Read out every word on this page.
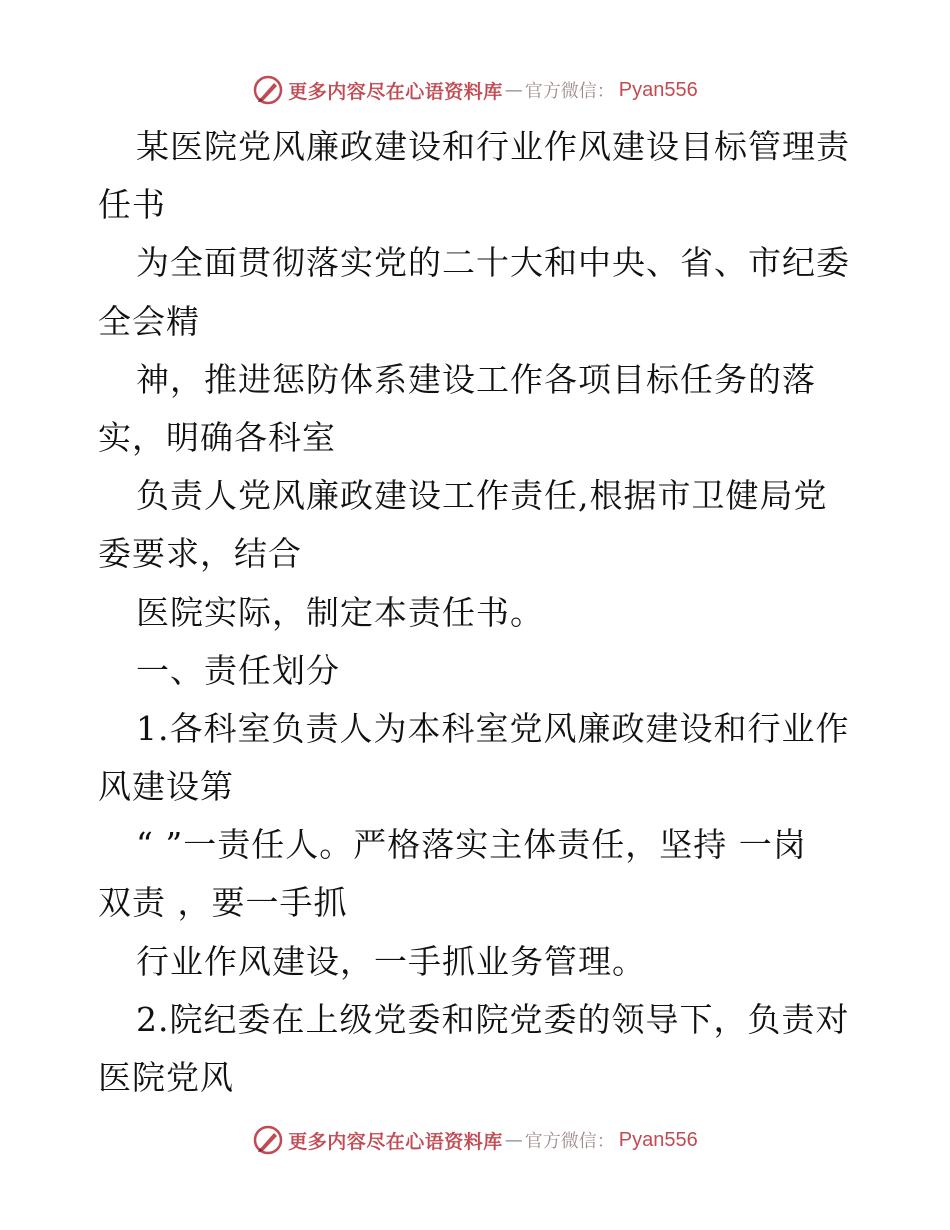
更多内容尽在心语资料库 — 官方微信： Pyan556
某医院党风廉政建设和行业作风建设目标管理责
任书
为全面贯彻落实党的二十大和中央、省、市纪委
全会精
神，推进惩防体系建设工作各项目标任务的落
实，明确各科室
负责人党风廉政建设工作责任,根据市卫健局党
委要求，结合
医院实际，制定本责任书。
一、责任划分
1.各科室负责人为本科室党风廉政建设和行业作
风建设第
“ ”一责任人。严格落实主体责任，坚持 一岗
双责 ，要一手抓
行业作风建设，一手抓业务管理。
2.院纪委在上级党委和院党委的领导下，负责对
医院党风
更多内容尽在心语资料库 — 官方微信： Pyan556
